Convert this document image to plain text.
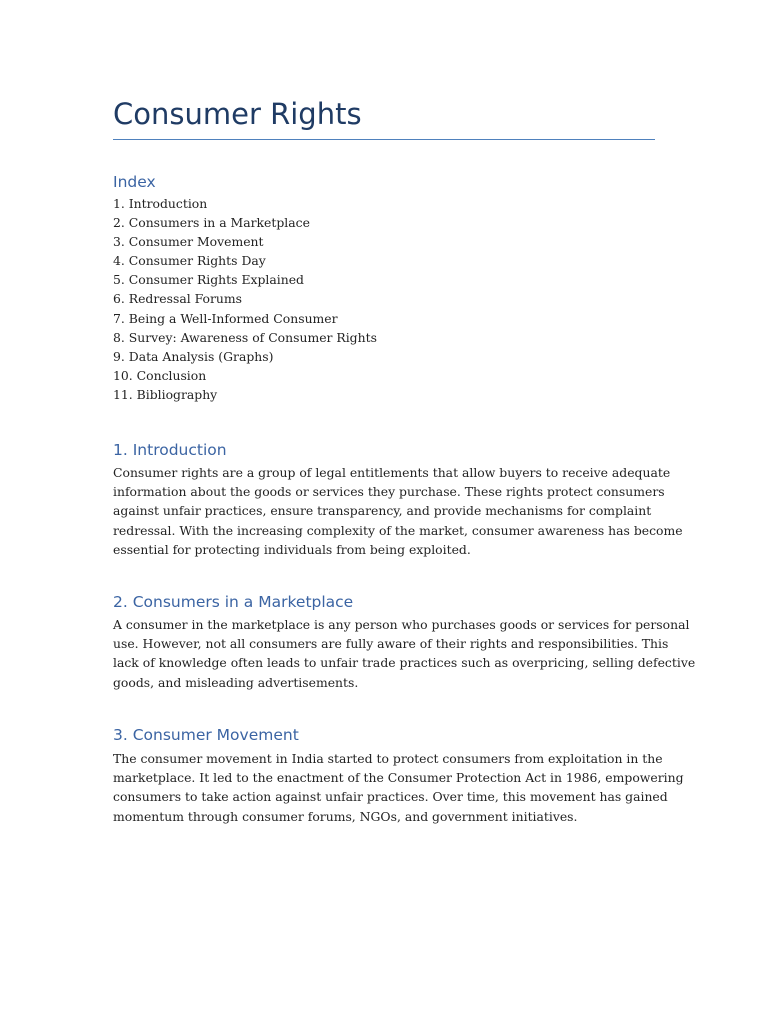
Consumer Rights
Index
1. Introduction
2. Consumers in a Marketplace
3. Consumer Movement
4. Consumer Rights Day
5. Consumer Rights Explained
6. Redressal Forums
7. Being a Well-Informed Consumer
8. Survey: Awareness of Consumer Rights
9. Data Analysis (Graphs)
10. Conclusion
11. Bibliography
1. Introduction

Consumer rights are a group of legal entitlements that allow buyers to receive adequate
information about the goods or services they purchase. These rights protect consumers
against unfair practices, ensure transparency, and provide mechanisms for complaint
redressal. With the increasing complexity of the market, consumer awareness has become
essential for protecting individuals from being exploited.

2. Consumers in a Marketplace

A consumer in the marketplace is any person who purchases goods or services for personal
use. However, not all consumers are fully aware of their rights and responsibilities. This
lack of knowledge often leads to unfair trade practices such as overpricing, selling defective
goods, and misleading advertisements.

3. Consumer Movement

The consumer movement in India started to protect consumers from exploitation in the
marketplace. It led to the enactment of the Consumer Protection Act in 1986, empowering
consumers to take action against unfair practices. Over time, this movement has gained
momentum through consumer forums, NGOs, and government initiatives.
